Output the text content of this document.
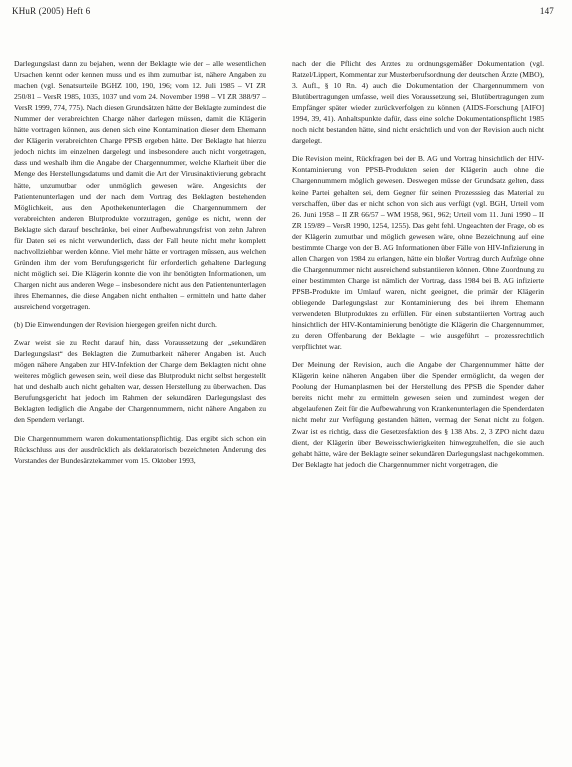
KHuR (2005) Heft 6	147

Darlegungslast dann zu bejahen, wenn der Beklagte wie der – alle wesentlichen Ursachen kennt oder kennen muss und es ihm zumutbar ist, nähere Angaben zu machen (vgl. Senatsurteile BGHZ 100, 190, 196; vom 12. Juli 1985 – VI ZR 250/81 – VersR 1985, 1035, 1037 und vom 24. November 1998 – VI ZR 388/97 – VersR 1999, 774, 775). Nach diesen Grundsätzen hätte der Beklagte zumindest die Nummer der verabreichten Charge näher darlegen müssen, damit die Klägerin hätte vortragen können, aus denen sich eine Kontamination dieser dem Ehemann der Klägerin verabreichten Charge PPSB ergeben hätte. Der Beklagte hat hierzu jedoch nichts im einzelnen dargelegt und insbesondere auch nicht vorgetragen, dass und weshalb ihm die Angabe der Chargennummer, welche Klarheit über die Menge des Herstellungsdatums und damit die Art der Virusinaktivierung gebracht hätte, unzumutbar oder unmöglich gewesen wäre. Angesichts der Patientenunterlagen und der nach dem Vortrag des Beklagten bestehenden Möglichkeit, aus den Apothekenunterlagen die Chargennummern der verabreichten anderen Blutprodukte vorzutragen, genüge es nicht, wenn der Beklagte sich darauf beschränke, bei einer Aufbewahrungsfrist von zehn Jahren für Daten sei es nicht verwunderlich, dass der Fall heute nicht mehr komplett nachvollziehbar werden könne. Viel mehr hätte er vortragen müssen, aus welchen Gründen ihm der vom Berufungsgericht für erforderlich gehaltene Darlegung nicht möglich sei. Die Klägerin konnte die von ihr benötigten Informationen, um Chargen nicht aus anderen Wege – insbesondere nicht aus den Patientenunterlagen ihres Ehemannes, die diese Angaben nicht enthalten – ermitteln und hatte daher ausreichend vorgetragen.

(b) Die Einwendungen der Revision hiergegen greifen nicht durch.

Zwar weist sie zu Recht darauf hin, dass Voraussetzung der „sekundären Darlegungslast“ des Beklagten die Zumutbarkeit näherer Angaben ist. Auch mögen nähere Angaben zur HIV-Infektion der Charge dem Beklagten nicht ohne weiteres möglich gewesen sein, weil diese das Blutprodukt nicht selbst hergestellt hat und deshalb auch nicht gehalten war, dessen Herstellung zu überwachen. Das Berufungsgericht hat jedoch im Rahmen der sekundären Darlegungslast des Beklagten lediglich die Angabe der Chargennummern, nicht nähere Angaben zu den Spendern verlangt.

Die Chargennummern waren dokumentationspflichtig. Das ergibt sich schon ein Rückschluss aus der ausdrücklich als deklaratorisch bezeichneten Änderung des Vorstandes der Bundesärztekammer vom 15. Oktober 1993,

nach der die Pflicht des Arztes zu ordnungsgemäßer Dokumentation (vgl. Ratzel/Lippert, Kommentar zur Musterberufsordnung der deutschen Ärzte (MBO), 3. Aufl., § 10 Rn. 4) auch die Dokumentation der Chargennummern von Blutübertragungen umfasse, weil dies Voraussetzung sei, Blutübertragungen zum Empfänger später wieder zurückverfolgen zu können (AIDS-Forschung [AIFO] 1994, 39, 41). Anhaltspunkte dafür, dass eine solche Dokumentationspflicht 1985 noch nicht bestanden hätte, sind nicht ersichtlich und von der Revision auch nicht dargelegt.

Die Revision meint, Rückfragen bei der B. AG und Vortrag hinsichtlich der HIV-Kontaminierung von PPSB-Produkten seien der Klägerin auch ohne die Chargennummern möglich gewesen. Deswegen müsse der Grundsatz gelten, dass keine Partei gehalten sei, dem Gegner für seinen Prozesssieg das Material zu verschaffen, über das er nicht schon von sich aus verfügt (vgl. BGH, Urteil vom 26. Juni 1958 – II ZR 66/57 – WM 1958, 961, 962; Urteil vom 11. Juni 1990 – II ZR 159/89 – VersR 1990, 1254, 1255). Das geht fehl. Ungeachten der Frage, ob es der Klägerin zumutbar und möglich gewesen wäre, ohne Bezeichnung auf eine bestimmte Charge von der B. AG Informationen über Fälle von HIV-Infizierung in allen Chargen von 1984 zu erlangen, hätte ein bloßer Vortrag durch Aufzüge ohne die Chargennummer nicht ausreichend substantiieren können. Ohne Zuordnung zu einer bestimmten Charge ist nämlich der Vortrag, dass 1984 bei B. AG infizierte PPSB-Produkte im Umlauf waren, nicht geeignet, die primär der Klägerin obliegende Darlegungslast zur Kontaminierung des bei ihrem Ehemann verwendeten Blutproduktes zu erfüllen. Für einen substantiierten Vortrag auch hinsichtlich der HIV-Kontaminierung benötigte die Klägerin die Chargennummer, zu deren Offenbarung der Beklagte – wie ausgeführt – prozessrechtlich verpflichtet war.

Der Meinung der Revision, auch die Angabe der Chargennummer hätte der Klägerin keine näheren Angaben über die Spender ermöglicht, da wegen der Poolung der Humanplasmen bei der Herstellung des PPSB die Spender daher bereits nicht mehr zu ermitteln gewesen seien und zumindest wegen der abgelaufenen Zeit für die Aufbewahrung von Krankenunterlagen die Spenderdaten nicht mehr zur Verfügung gestanden hätten, vermag der Senat nicht zu folgen. Zwar ist es richtig, dass die Gesetzesfaktion des § 138 Abs. 2, 3 ZPO nicht dazu dient, der Klägerin über Beweisschwierigkeiten hinwegzuhelfen, die sie auch gehabt hätte, wäre der Beklagte seiner sekundären Darlegungslast nachgekommen. Der Beklagte hat jedoch die Chargennummer nicht vorgetragen, die
